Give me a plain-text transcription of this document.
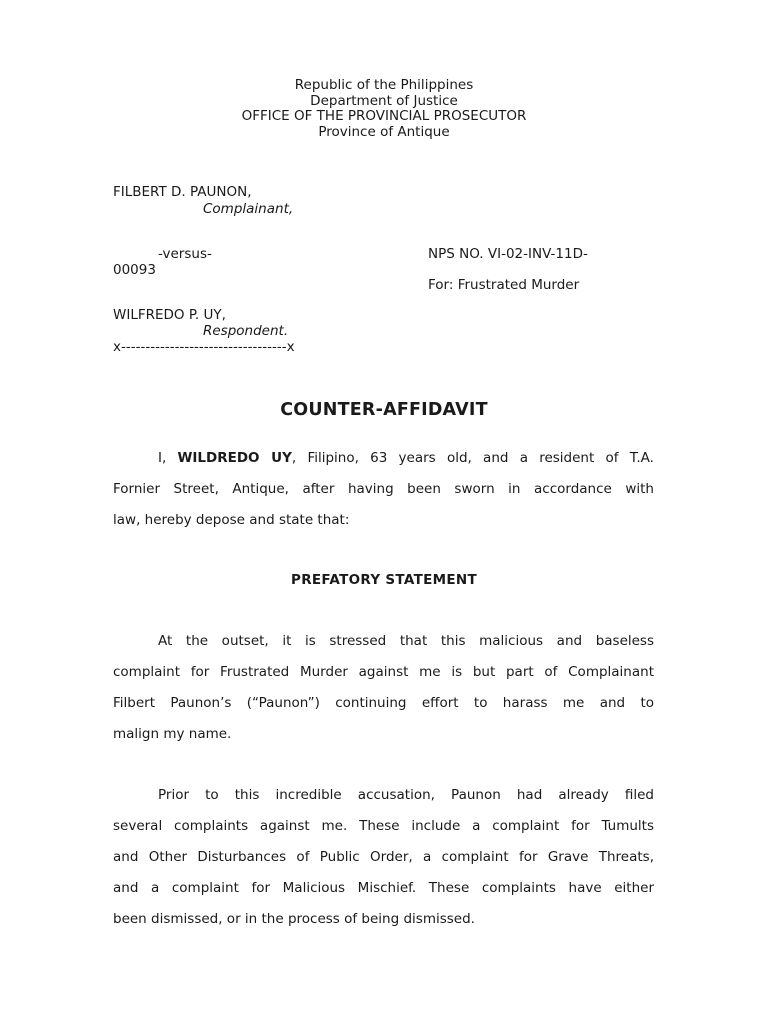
Republic of the Philippines
Department of Justice
OFFICE OF THE PROVINCIAL PROSECUTOR
Province of Antique
FILBERT D. PAUNON,
Complainant,
-versus-
00093
NPS NO. VI-02-INV-11D-
For: Frustrated Murder
WILFREDO P. UY,
Respondent.
x----------------------------------x
COUNTER-AFFIDAVIT
I, WILDREDO UY, Filipino, 63 years old, and a resident of T.A.
Fornier Street, Antique, after having been sworn in accordance with
law, hereby depose and state that:
PREFATORY STATEMENT
At the outset, it is stressed that this malicious and baseless
complaint for Frustrated Murder against me is but part of Complainant
Filbert Paunon’s (“Paunon”) continuing effort to harass me and to
malign my name.
Prior to this incredible accusation, Paunon had already filed
several complaints against me. These include a complaint for Tumults
and Other Disturbances of Public Order, a complaint for Grave Threats,
and a complaint for Malicious Mischief. These complaints have either
been dismissed, or in the process of being dismissed.
